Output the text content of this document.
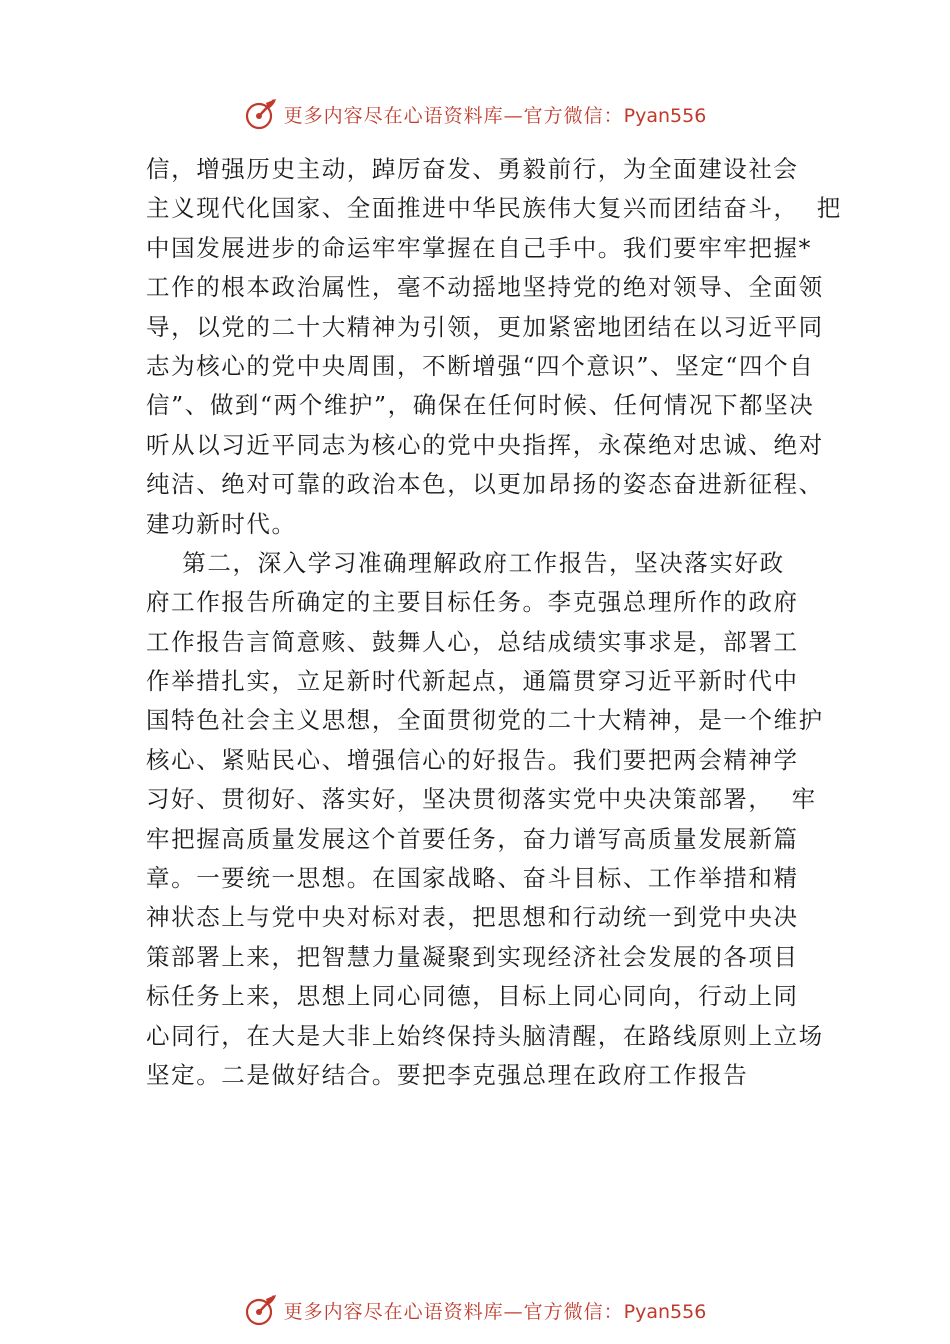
更多内容尽在心语资料库—官方微信：Pyan556
信，增强历史主动，踔厉奋发、勇毅前行，为全面建设社会
主义现代化国家、全面推进中华民族伟大复兴而团结奋斗，  把
中国发展进步的命运牢牢掌握在自己手中。我们要牢牢把握*
工作的根本政治属性，毫不动摇地坚持党的绝对领导、全面领
导，以党的二十大精神为引领，更加紧密地团结在以习近平同
志为核心的党中央周围，不断增强“四个意识”、坚定“四个自
信”、做到“两个维护”，确保在任何时候、任何情况下都坚决
听从以习近平同志为核心的党中央指挥，永葆绝对忠诚、绝对
纯洁、绝对可靠的政治本色，以更加昂扬的姿态奋进新征程、
建功新时代。
第二，深入学习准确理解政府工作报告，坚决落实好政
府工作报告所确定的主要目标任务。李克强总理所作的政府
工作报告言简意赅、鼓舞人心，总结成绩实事求是，部署工
作举措扎实，立足新时代新起点，通篇贯穿习近平新时代中
国特色社会主义思想，全面贯彻党的二十大精神，是一个维护
核心、紧贴民心、增强信心的好报告。我们要把两会精神学
习好、贯彻好、落实好，坚决贯彻落实党中央决策部署，  牢
牢把握高质量发展这个首要任务，奋力谱写高质量发展新篇
章。一要统一思想。在国家战略、奋斗目标、工作举措和精
神状态上与党中央对标对表，把思想和行动统一到党中央决
策部署上来，把智慧力量凝聚到实现经济社会发展的各项目
标任务上来，思想上同心同德，目标上同心同向，行动上同
心同行，在大是大非上始终保持头脑清醒，在路线原则上立场
坚定。二是做好结合。要把李克强总理在政府工作报告
更多内容尽在心语资料库—官方微信：Pyan556
